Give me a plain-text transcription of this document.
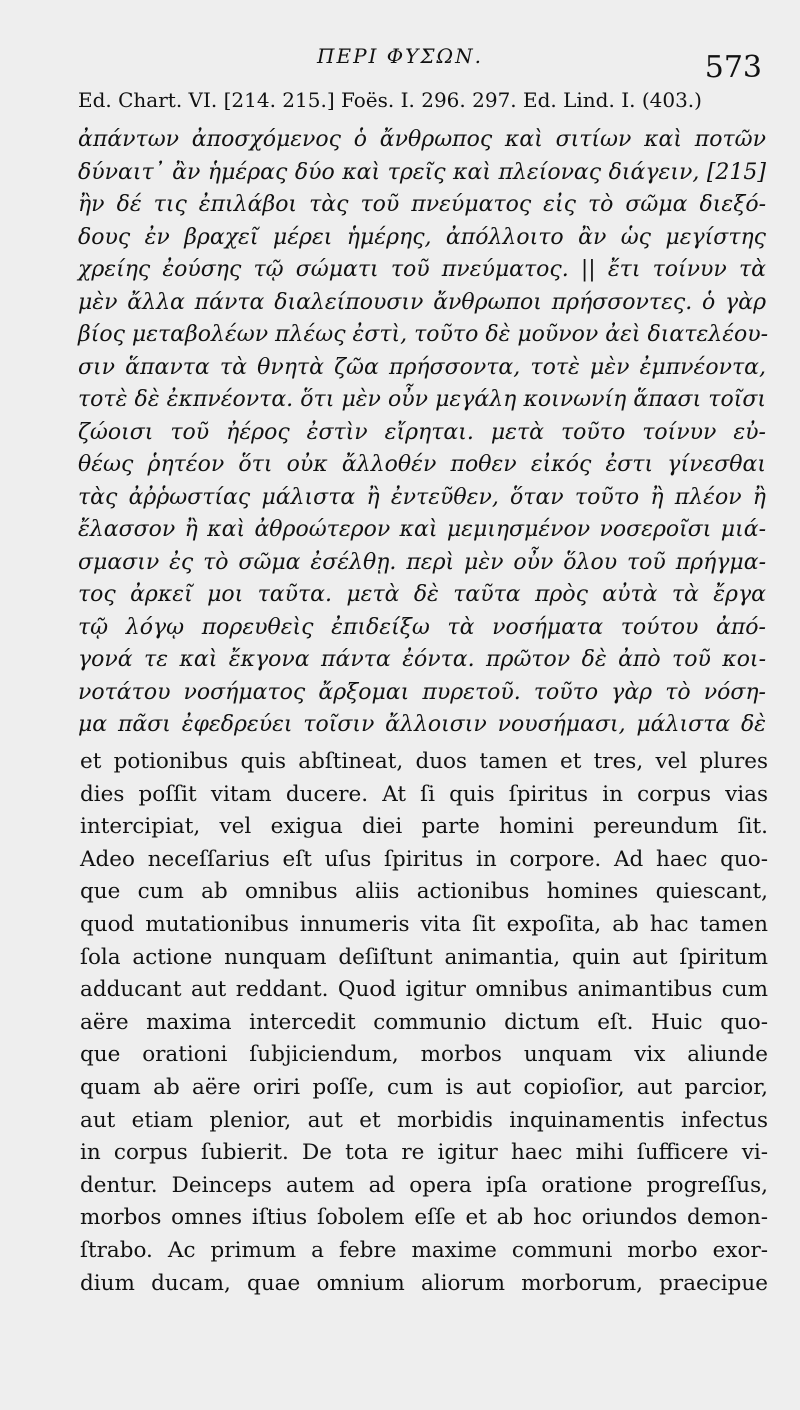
ΠΕΡΙ ΦΥΣΩΝ.	573
Ed. Chart. VI. [214. 215.] Foës. I. 296. 297. Ed. Lind. I. (403.)
ἀπάντων ἀποσχόμενος ὁ ἄνθρωπος καὶ σιτίων καὶ ποτῶν
δύναιτ᾽ ἂν ἡμέρας δύο καὶ τρεῖς καὶ πλείονας διάγειν, [215]
ἢν δέ τις ἐπιλάβοι τὰς τοῦ πνεύματος εἰς τὸ σῶμα διεξό-
δους ἐν βραχεῖ μέρει ἡμέρης, ἀπόλλοιτο ἂν ὡς μεγίστης
χρείης ἐούσης τῷ σώματι τοῦ πνεύματος. || ἔτι τοίνυν τὰ
μὲν ἄλλα πάντα διαλείπουσιν ἄνθρωποι πρήσσοντες. ὁ γὰρ
βίος μεταβολέων πλέως ἐστὶ, τοῦτο δὲ μοῦνον ἀεὶ διατελέου-
σιν ἅπαντα τὰ θνητὰ ζῶα πρήσσοντα, τοτὲ μὲν ἐμπνέοντα,
τοτὲ δὲ ἐκπνέοντα. ὅτι μὲν οὖν μεγάλη κοινωνίη ἅπασι τοῖσι
ζώοισι τοῦ ἠέρος ἐστὶν εἴρηται. μετὰ τοῦτο τοίνυν εὐ-
θέως ῥητέον ὅτι οὐκ ἄλλοθέν ποθεν εἰκός ἐστι γίνεσθαι
τὰς ἀῤῥωστίας μάλιστα ἢ ἐντεῦθεν, ὅταν τοῦτο ἢ πλέον ἢ
ἔλασσον ἢ καὶ ἀθροώτερον καὶ μεμιησμένον νοσεροῖσι μιά-
σμασιν ἐς τὸ σῶμα ἐσέλθῃ. περὶ μὲν οὖν ὅλου τοῦ πρήγμα-
τος ἀρκεῖ μοι ταῦτα. μετὰ δὲ ταῦτα πρὸς αὐτὰ τὰ ἔργα
τῷ λόγῳ πορευθεὶς ἐπιδείξω τὰ νοσήματα τούτου ἀπό-
γονά τε καὶ ἔκγονα πάντα ἐόντα. πρῶτον δὲ ἀπὸ τοῦ κοι-
νοτάτου νοσήματος ἄρξομαι πυρετοῦ. τοῦτο γὰρ τὸ νόση-
μα πᾶσι ἐφεδρεύει τοῖσιν ἄλλοισιν νουσήμασι, μάλιστα δὲ
et potionibus quis abſtineat, duos tamen et tres, vel plures
dies poſſit vitam ducere. At ſi quis ſpiritus in corpus vias
intercipiat, vel exigua diei parte homini pereundum ſit.
Adeo neceſſarius eſt uſus ſpiritus in corpore. Ad haec quo-
que cum ab omnibus aliis actionibus homines quiescant,
quod mutationibus innumeris vita ſit expoſita, ab hac tamen
ſola actione nunquam deſiſtunt animantia, quin aut ſpiritum
adducant aut reddant. Quod igitur omnibus animantibus cum
aëre maxima intercedit communio dictum eſt. Huic quo-
que orationi ſubjiciendum, morbos unquam vix aliunde
quam ab aëre oriri poſſe, cum is aut copioſior, aut parcior,
aut etiam plenior, aut et morbidis inquinamentis infectus
in corpus ſubierit. De tota re igitur haec mihi ſufficere vi-
dentur. Deinceps autem ad opera ipſa oratione progreſſus,
morbos omnes iſtius ſobolem eſſe et ab hoc oriundos demon-
ſtrabo. Ac primum a febre maxime communi morbo exor-
dium ducam, quae omnium aliorum morborum, praecipue
